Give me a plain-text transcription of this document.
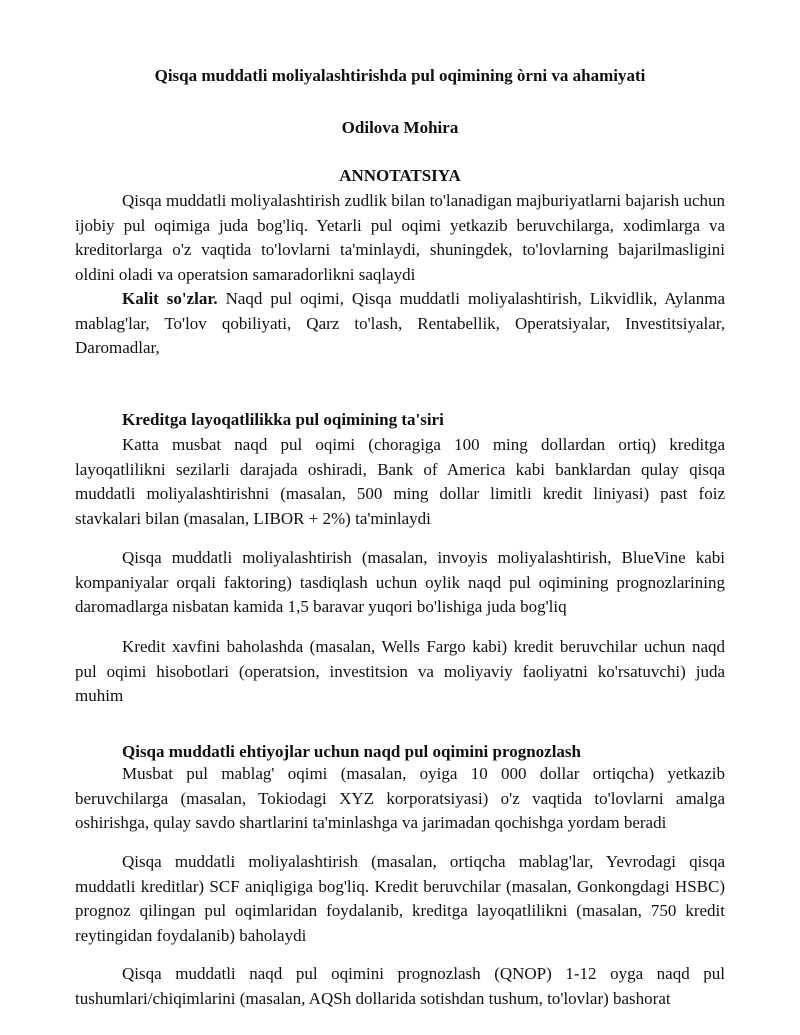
Qisqa muddatli moliyalashtirishda pul oqimining òrni va ahamiyati
Odilova Mohira
ANNOTATSIYA

Qisqa muddatli moliyalashtirish zudlik bilan to'lanadigan majburiyatlarni bajarish uchun ijobiy pul oqimiga juda bog'liq. Yetarli pul oqimi yetkazib beruvchilarga, xodimlarga va kreditorlarga o'z vaqtida to'lovlarni ta'minlaydi, shuningdek, to'lovlarning bajarilmasligini oldini oladi va operatsion samaradorlikni saqlaydi

Kalit so'zlar. Naqd pul oqimi, Qisqa muddatli moliyalashtirish, Likvidlik, Aylanma mablag'lar, To'lov qobiliyati, Qarz to'lash, Rentabellik, Operatsiyalar, Investitsiyalar, Daromadlar,

Kreditga layoqatlilikka pul oqimining ta'siri

Katta musbat naqd pul oqimi (choragiga 100 ming dollardan ortiq) kreditga layoqatlilikni sezilarli darajada oshiradi, Bank of America kabi banklardan qulay qisqa muddatli moliyalashtirishni (masalan, 500 ming dollar limitli kredit liniyasi) past foiz stavkalari bilan (masalan, LIBOR + 2%) ta'minlaydi

Qisqa muddatli moliyalashtirish (masalan, invoyis moliyalashtirish, BlueVine kabi kompaniyalar orqali faktoring) tasdiqlash uchun oylik naqd pul oqimining prognozlarining daromadlarga nisbatan kamida 1,5 baravar yuqori bo'lishiga juda bog'liq

Kredit xavfini baholashda (masalan, Wells Fargo kabi) kredit beruvchilar uchun naqd pul oqimi hisobotlari (operatsion, investitsion va moliyaviy faoliyatni ko'rsatuvchi) juda muhim

Qisqa muddatli ehtiyojlar uchun naqd pul oqimini prognozlash

Musbat pul mablag' oqimi (masalan, oyiga 10 000 dollar ortiqcha) yetkazib beruvchilarga (masalan, Tokiodagi XYZ korporatsiyasi) o'z vaqtida to'lovlarni amalga oshirishga, qulay savdo shartlarini ta'minlashga va jarimadan qochishga yordam beradi

Qisqa muddatli moliyalashtirish (masalan, ortiqcha mablag'lar, Yevrodagi qisqa muddatli kreditlar) SCF aniqligiga bog'liq. Kredit beruvchilar (masalan, Gonkongdagi HSBC) prognoz qilingan pul oqimlaridan foydalanib, kreditga layoqatlilikni (masalan, 750 kredit reytingidan foydalanib) baholaydi

Qisqa muddatli naqd pul oqimini prognozlash (QNOP) 1-12 oyga naqd pul tushumlari/chiqimlarini (masalan, AQSh dollarida sotishdan tushum, to'lovlar) bashorat
